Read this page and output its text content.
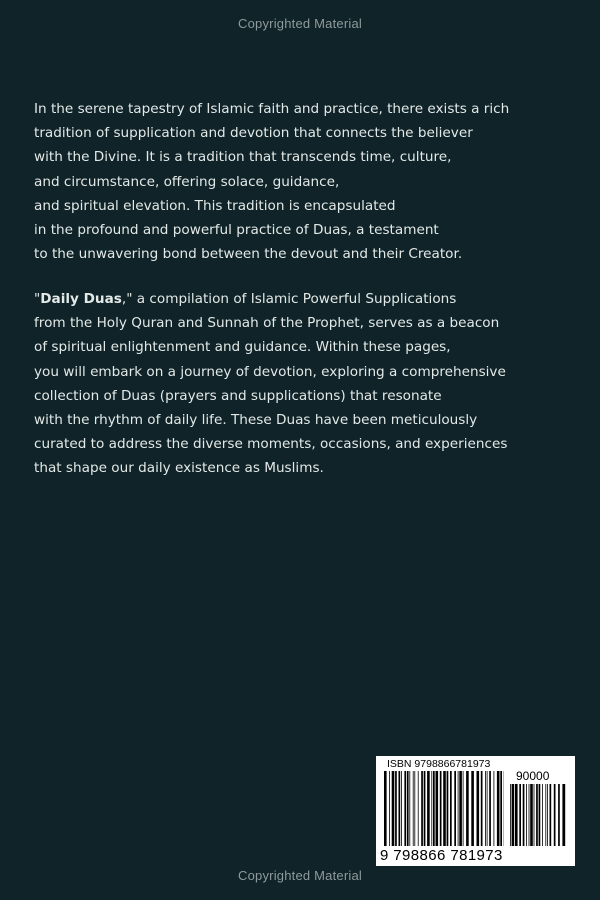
Copyrighted Material
In the serene tapestry of Islamic faith and practice, there exists a rich
tradition of supplication and devotion that connects the believer
with the Divine. It is a tradition that transcends time, culture,
and circumstance, offering solace, guidance,
and spiritual elevation. This tradition is encapsulated
in the profound and powerful practice of Duas, a testament
to the unwavering bond between the devout and their Creator.
"Daily Duas," a compilation of Islamic Powerful Supplications
from the Holy Quran and Sunnah of the Prophet, serves as a beacon
of spiritual enlightenment and guidance. Within these pages,
you will embark on a journey of devotion, exploring a comprehensive
collection of Duas (prayers and supplications) that resonate
with the rhythm of daily life. These Duas have been meticulously
curated to address the diverse moments, occasions, and experiences
that shape our daily existence as Muslims.
ISBN 9798866781973
90000
9 798866 781973
Copyrighted Material
